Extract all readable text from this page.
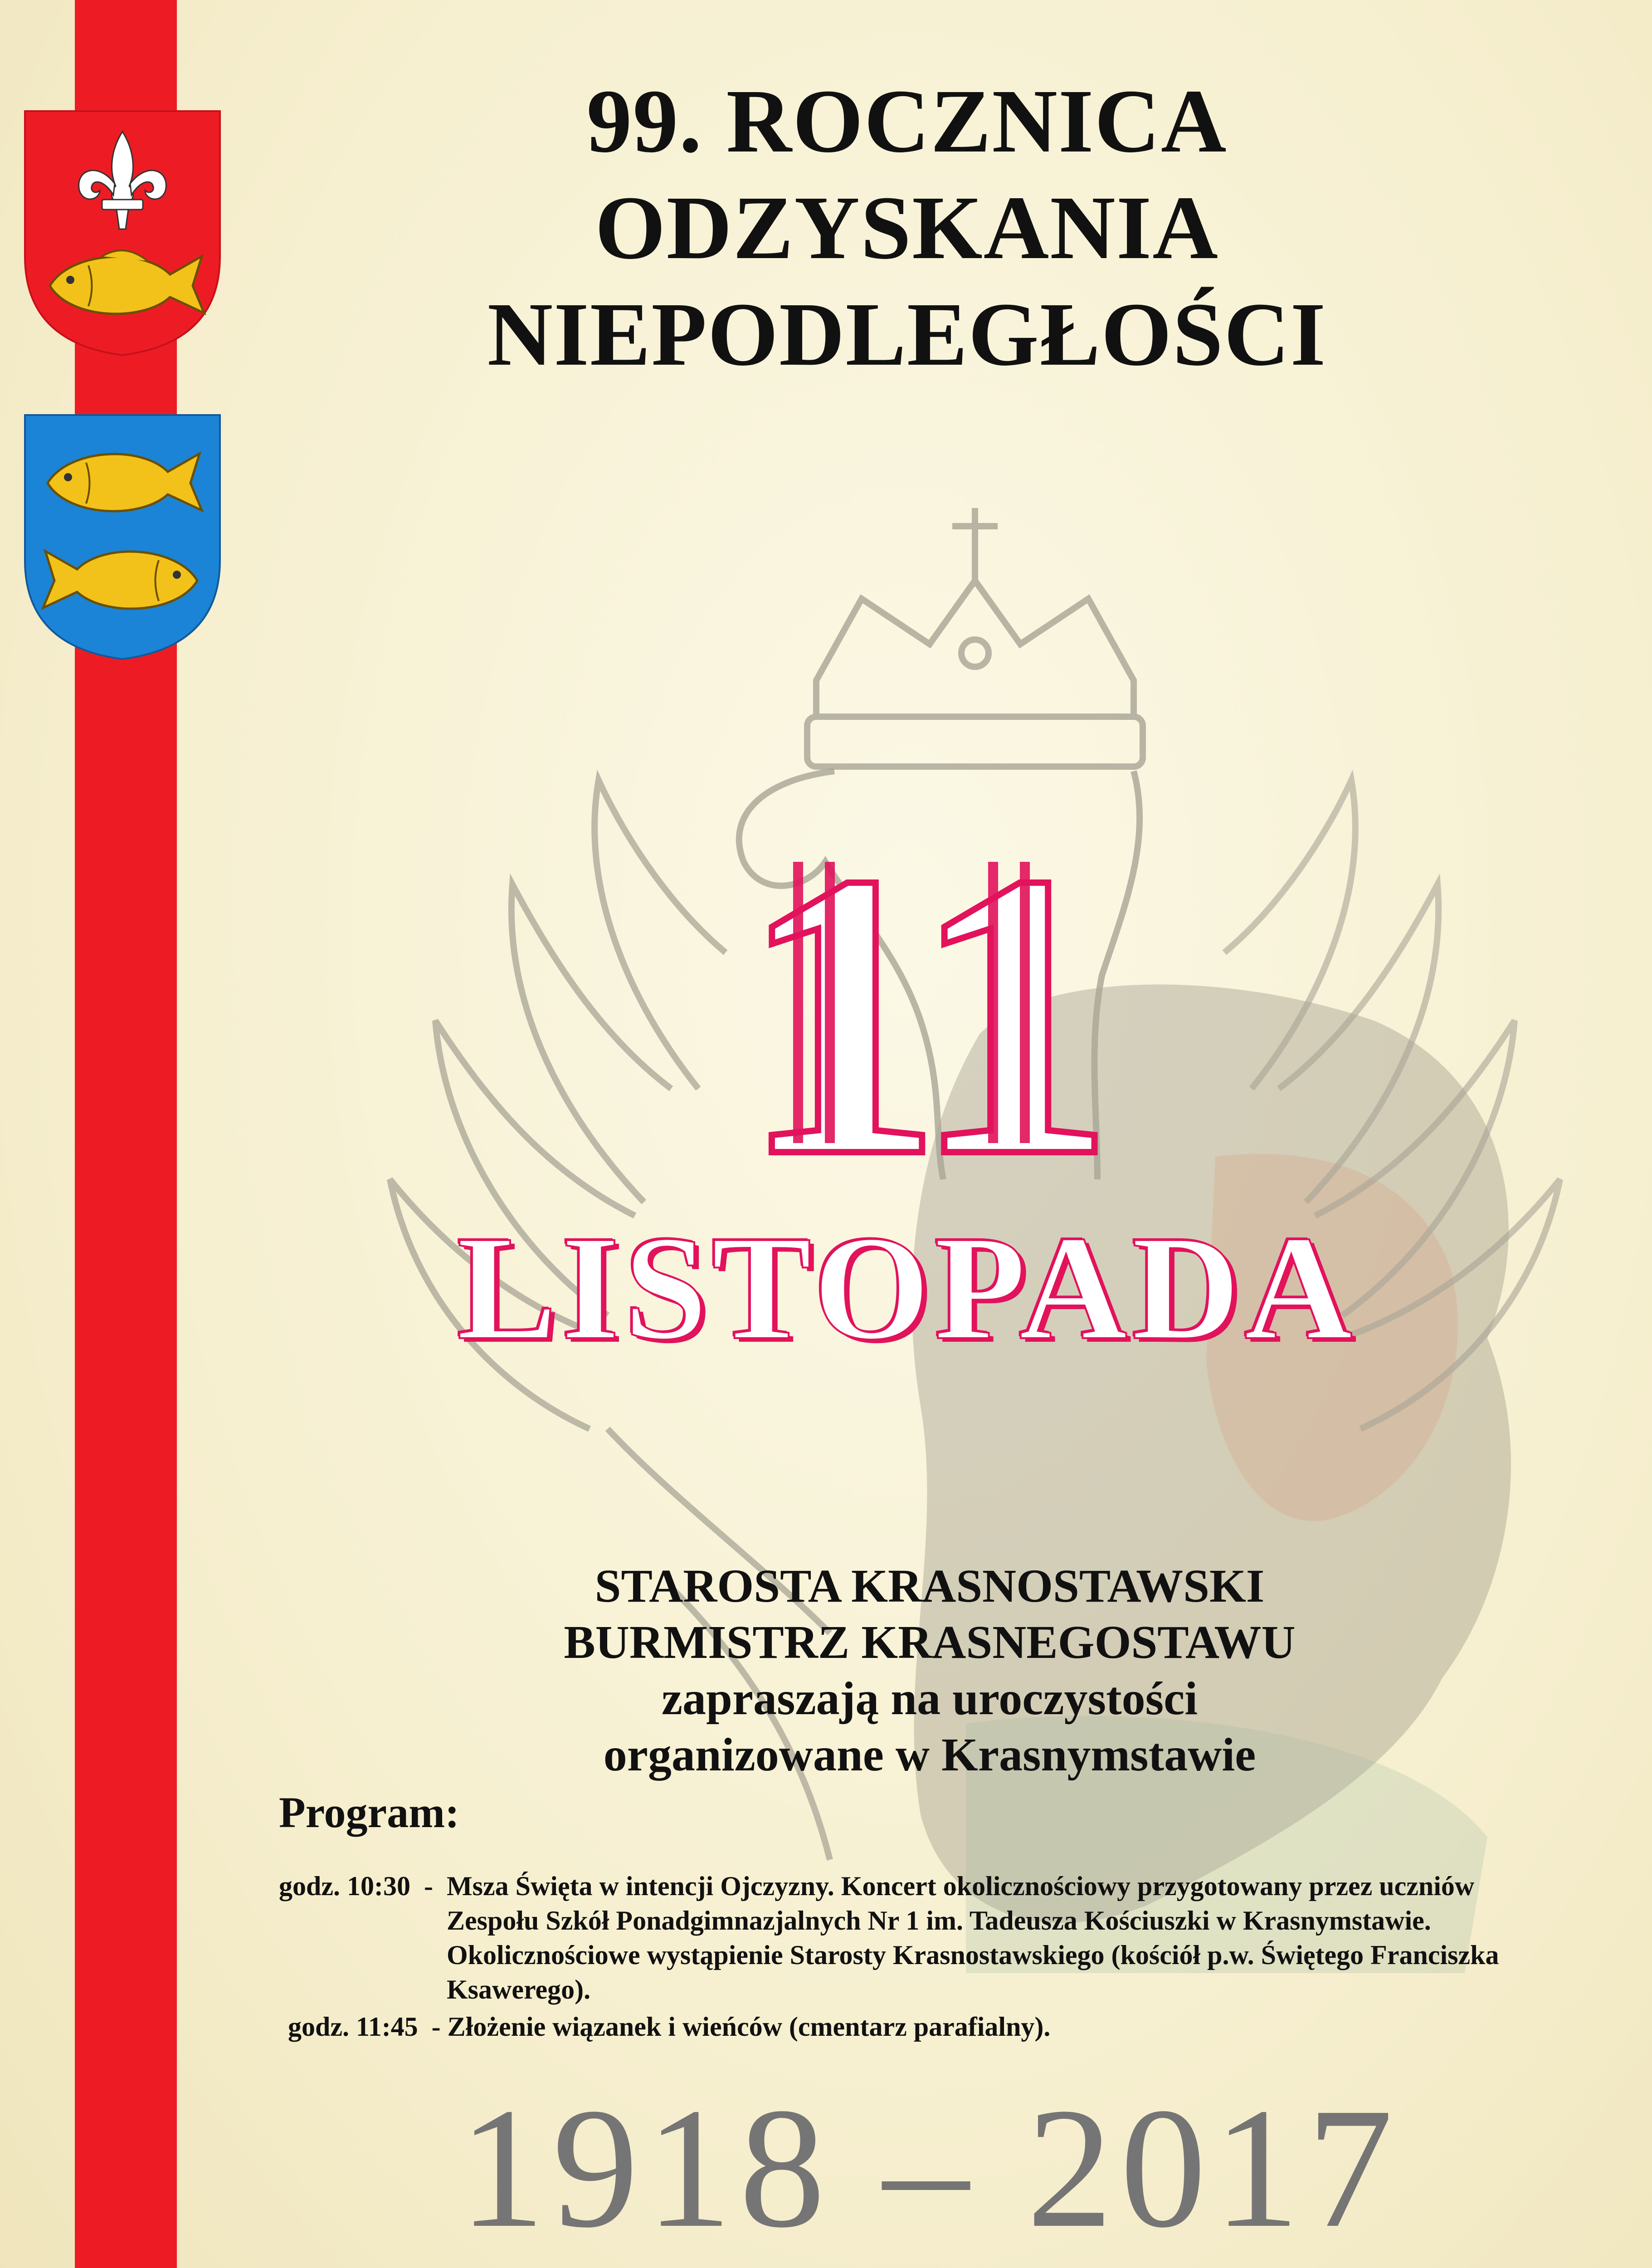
99. ROCZNICA
ODZYSKANIA
NIEPODLEGŁOŚCI
11
LISTOPADA
STAROSTA KRASNOSTAWSKI
BURMISTRZ KRASNEGOSTAWU
zapraszają na uroczystości
organizowane w Krasnymstawie
Program:
godz. 10:30  - Msza Święta w intencji Ojczyzny. Koncert okolicznościowy przygotowany przez uczniów Zespołu Szkół Ponadgimnazjalnych Nr 1 im. Tadeusza Kościuszki w Krasnymstawie. Okolicznościowe wystąpienie Starosty Krasnostawskiego (kościół p.w. Świętego Franciszka Ksawerego).
godz. 11:45  - Złożenie wiązanek i wieńców (cmentarz parafialny).
1918 – 2017
